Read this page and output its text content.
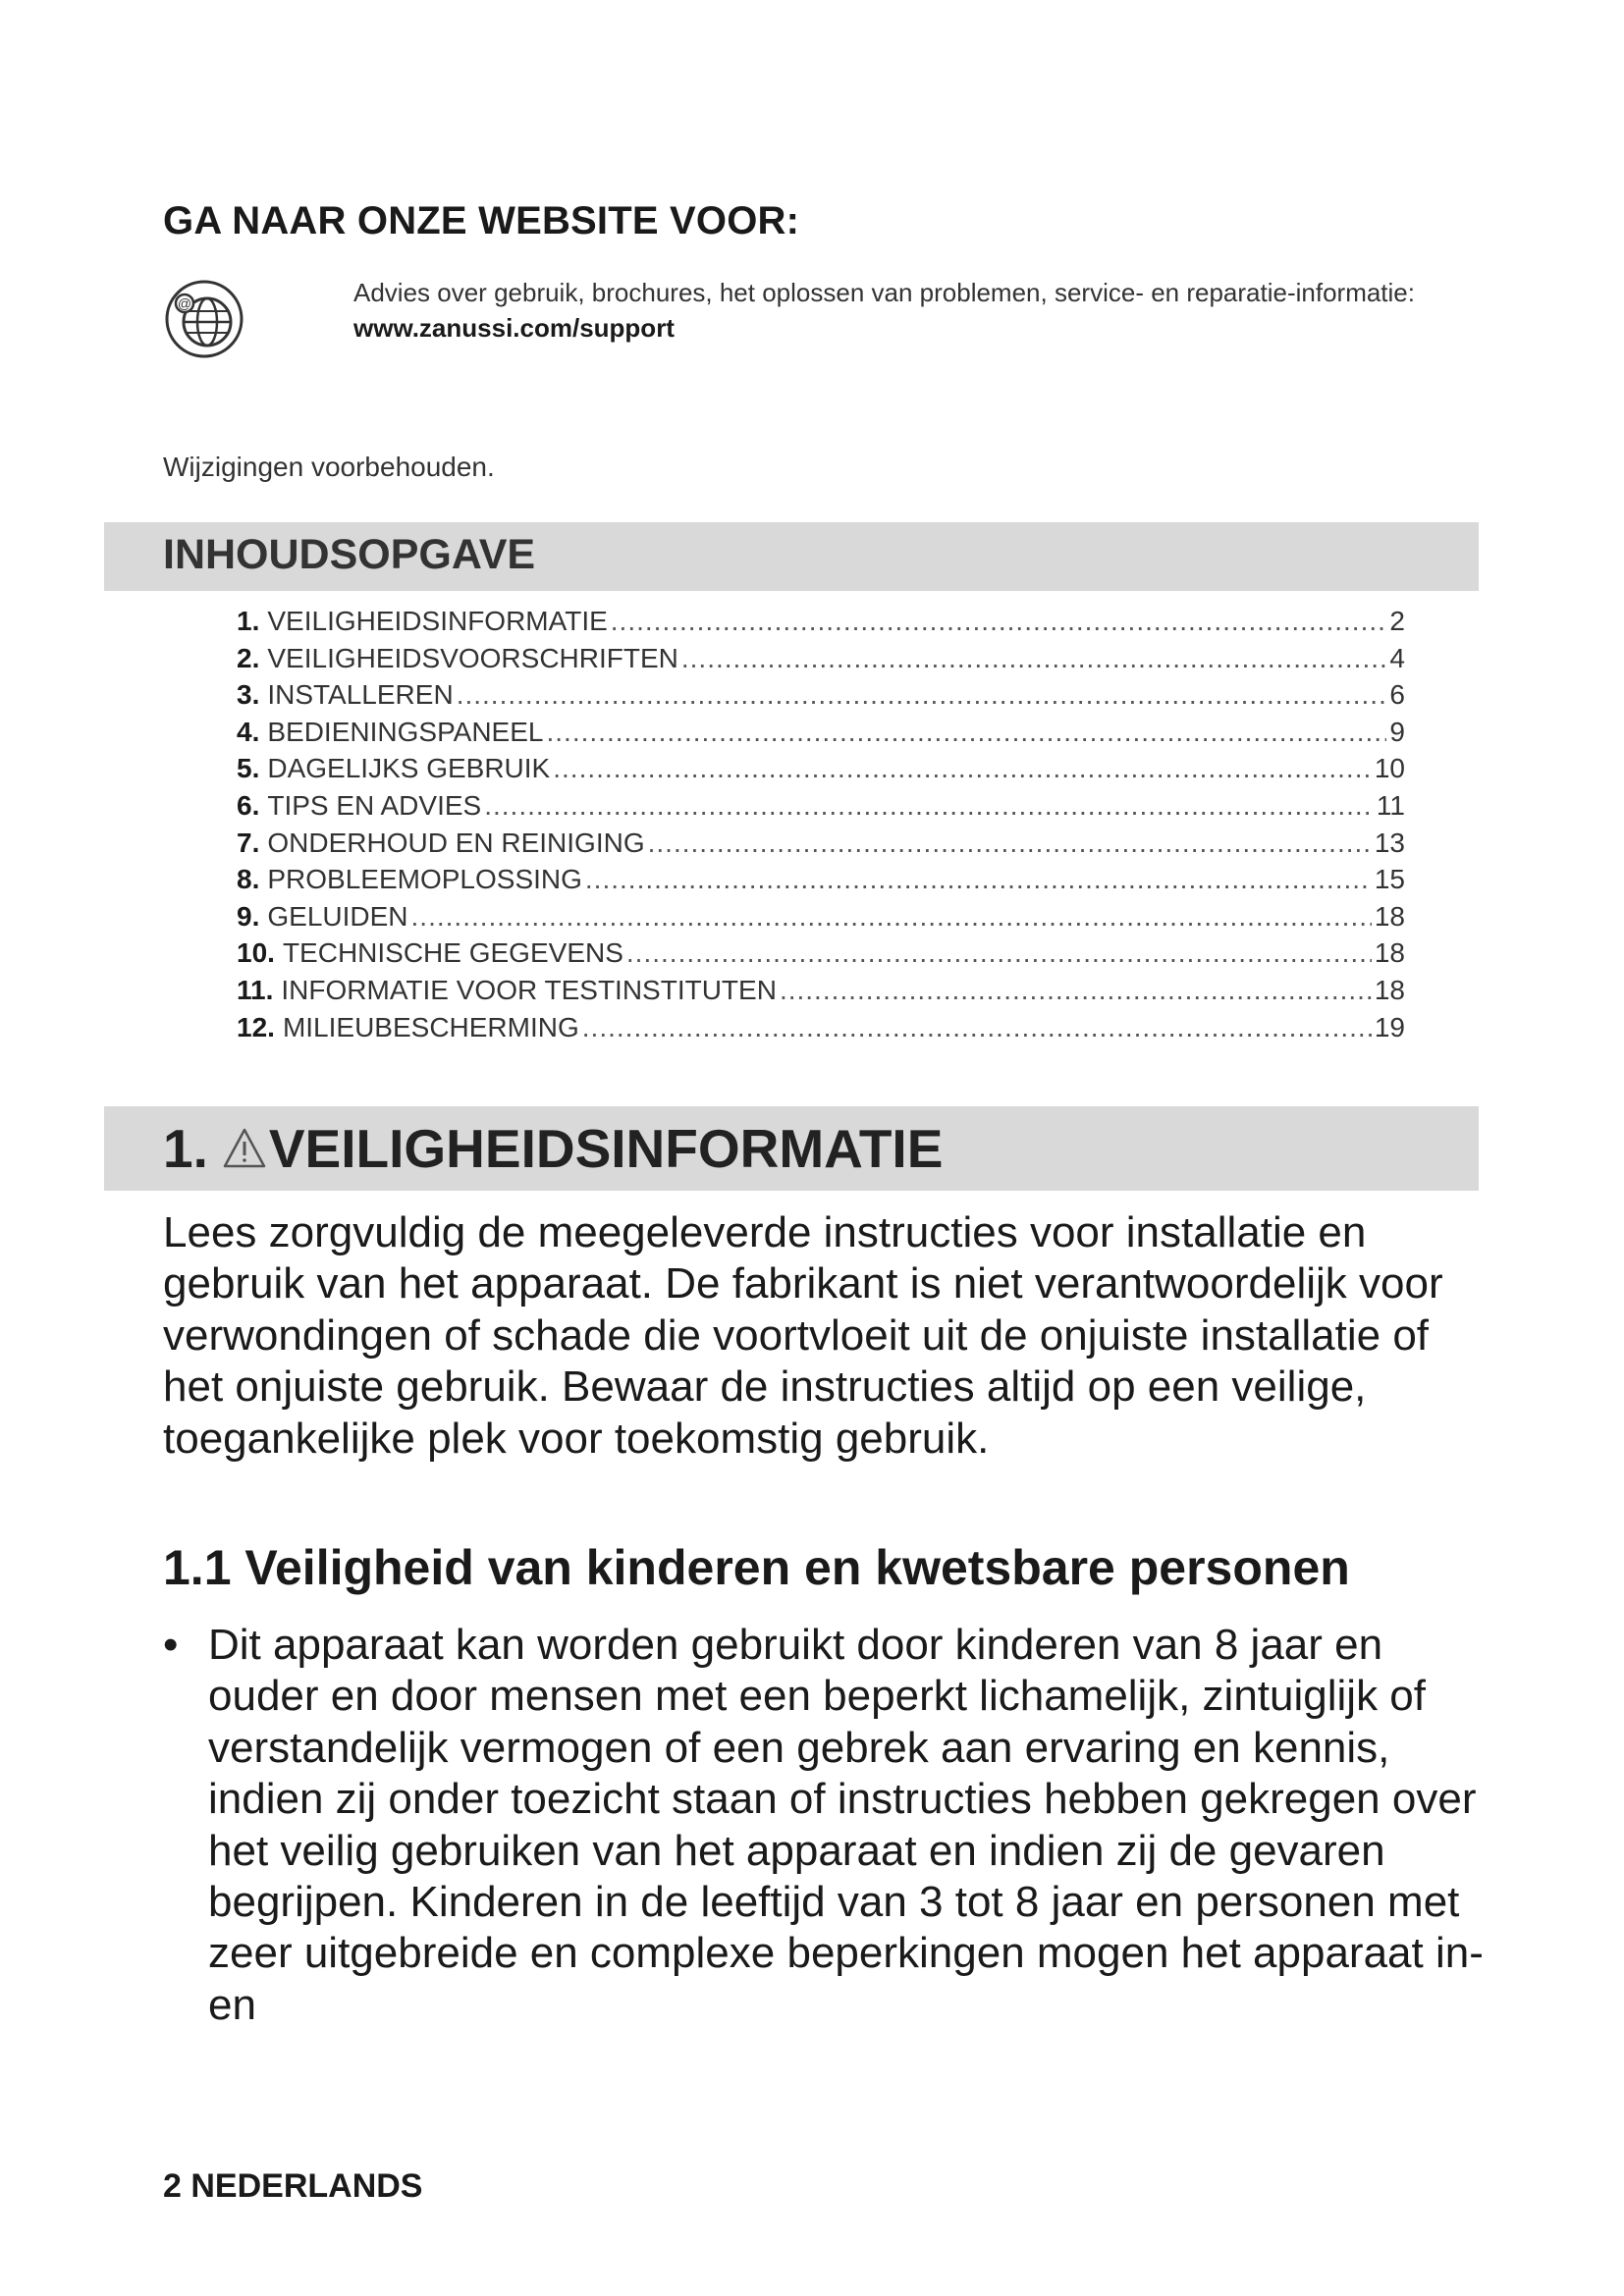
GA NAAR ONZE WEBSITE VOOR:
@	Advies over gebruik, brochures, het oplossen van problemen, service- en reparatie-informatie:
www.zanussi.com/support
Wijzigingen voorbehouden.
INHOUDSOPGAVE
1. VEILIGHEIDSINFORMATIE .....	2
2. VEILIGHEIDSVOORSCHRIFTEN .....	4
3. INSTALLEREN .....	6
4. BEDIENINGSPANEEL .....	9
5. DAGELIJKS GEBRUIK .....	10
6. TIPS EN ADVIES .....	11
7. ONDERHOUD EN REINIGING .....	13
8. PROBLEEMOPLOSSING .....	15
9. GELUIDEN .....	18
10. TECHNISCHE GEGEVENS .....	18
11. INFORMATIE VOOR TESTINSTITUTEN .....	18
12. MILIEUBESCHERMING .....	19
1. VEILIGHEIDSINFORMATIE

Lees zorgvuldig de meegeleverde instructies voor installatie en gebruik van het apparaat. De fabrikant is niet verantwoordelijk voor verwondingen of schade die voortvloeit uit de onjuiste installatie of het onjuiste gebruik. Bewaar de instructies altijd op een veilige, toegankelijke plek voor toekomstig gebruik.

1.1 Veiligheid van kinderen en kwetsbare personen

• Dit apparaat kan worden gebruikt door kinderen van 8 jaar en ouder en door mensen met een beperkt lichamelijk, zintuiglijk of verstandelijk vermogen of een gebrek aan ervaring en kennis, indien zij onder toezicht staan of instructies hebben gekregen over het veilig gebruiken van het apparaat en indien zij de gevaren begrijpen. Kinderen in de leeftijd van 3 tot 8 jaar en personen met zeer uitgebreide en complexe beperkingen mogen het apparaat in- en

2 NEDERLANDS
